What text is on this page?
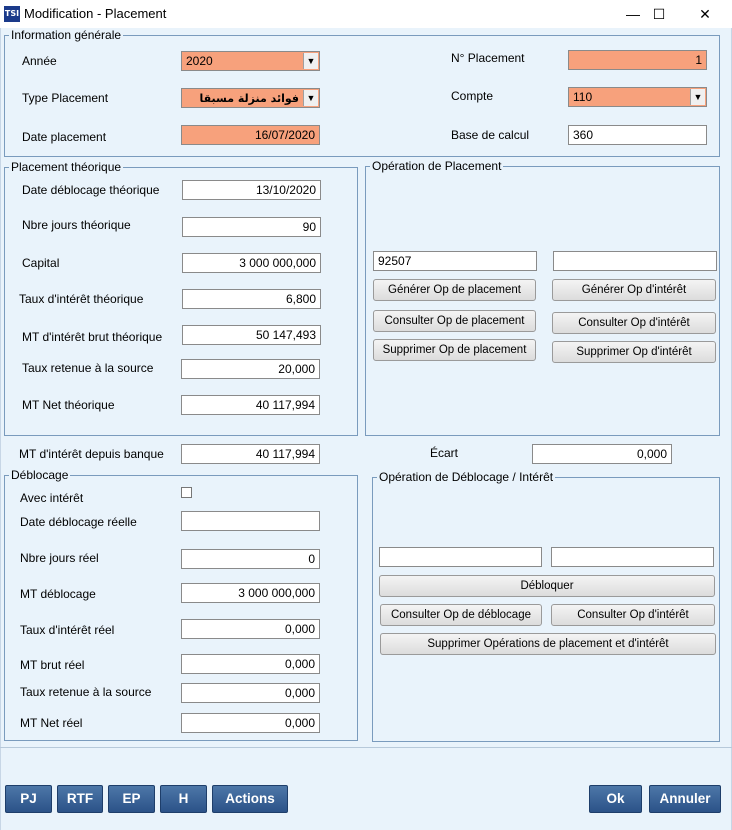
TSI Modification - Placement	— ☐	✕
Information générale
Année	2020	▼
Type Placement	فوائد منزلة مسبقا ▼
Date placement	16/07/2020
N° Placement	1
Compte	110	▼
Base de calcul	360
Placement théorique
Date déblocage théorique	13/10/2020
Nbre jours théorique	90
Capital	3 000 000,000
Taux d'intérêt théorique	6,800
MT d'intérêt brut théorique	50 147,493
Taux retenue à la source	20,000
MT Net théorique	40 117,994
Opération de Placement
92507
Générer Op de placement	Générer Op d'intérêt
Consulter Op de placement	Consulter Op d'intérêt
Supprimer Op de placement	Supprimer Op d'intérêt
MT d'intérêt depuis banque	40 117,994	Écart	0,000
Déblocage
Avec intérêt
Date déblocage réelle
Nbre jours réel	0
MT déblocage	3 000 000,000
Taux d'intérêt réel	0,000
MT brut réel	0,000
Taux retenue à la source	0,000
MT Net réel	0,000
Opération de Déblocage / Intérêt
Débloquer
Consulter Op de déblocage	Consulter Op d'intérêt
Supprimer Opérations de placement et d'intérêt
PJ	RTF	EP	H	Actions	Ok	Annuler
